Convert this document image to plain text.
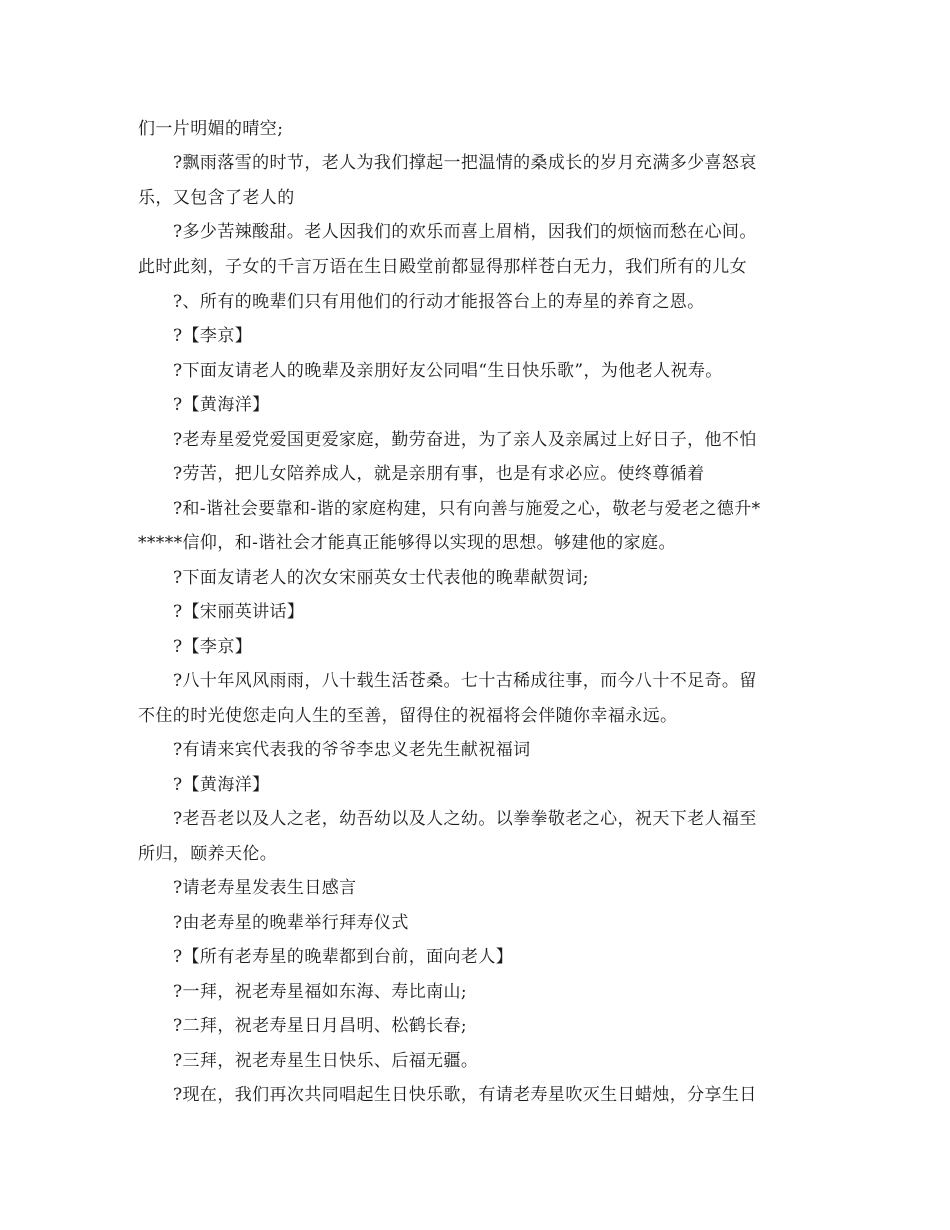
们一片明媚的晴空;
?飘雨落雪的时节，老人为我们撑起一把温情的桑成长的岁月充满多少喜怒哀
乐，又包含了老人的
?多少苦辣酸甜。老人因我们的欢乐而喜上眉梢，因我们的烦恼而愁在心间。
此时此刻，子女的千言万语在生日殿堂前都显得那样苍白无力，我们所有的儿女
?、所有的晚辈们只有用他们的行动才能报答台上的寿星的养育之恩。
?【李京】
?下面友请老人的晚辈及亲朋好友公同唱“生日快乐歌”，为他老人祝寿。
?【黄海洋】
?老寿星爱党爱国更爱家庭，勤劳奋进，为了亲人及亲属过上好日子，他不怕
?劳苦，把儿女陪养成人，就是亲朋有事，也是有求必应。使终尊循着
?和-谐社会要靠和-谐的家庭构建，只有向善与施爱之心，敬老与爱老之德升*
*****信仰，和-谐社会才能真正能够得以实现的思想。够建他的家庭。
?下面友请老人的次女宋丽英女士代表他的晚辈献贺词;
?【宋丽英讲话】
?【李京】
?八十年风风雨雨，八十载生活苍桑。七十古稀成往事，而今八十不足奇。留
不住的时光使您走向人生的至善，留得住的祝福将会伴随你幸福永远。
?有请来宾代表我的爷爷李忠义老先生献祝福词
?【黄海洋】
?老吾老以及人之老，幼吾幼以及人之幼。以拳拳敬老之心，祝天下老人福至
所归，颐养天伦。
?请老寿星发表生日感言
?由老寿星的晚辈举行拜寿仪式
?【所有老寿星的晚辈都到台前，面向老人】
?一拜，祝老寿星福如东海、寿比南山;
?二拜，祝老寿星日月昌明、松鹤长春;
?三拜，祝老寿星生日快乐、后福无疆。
?现在，我们再次共同唱起生日快乐歌，有请老寿星吹灭生日蜡烛，分享生日
